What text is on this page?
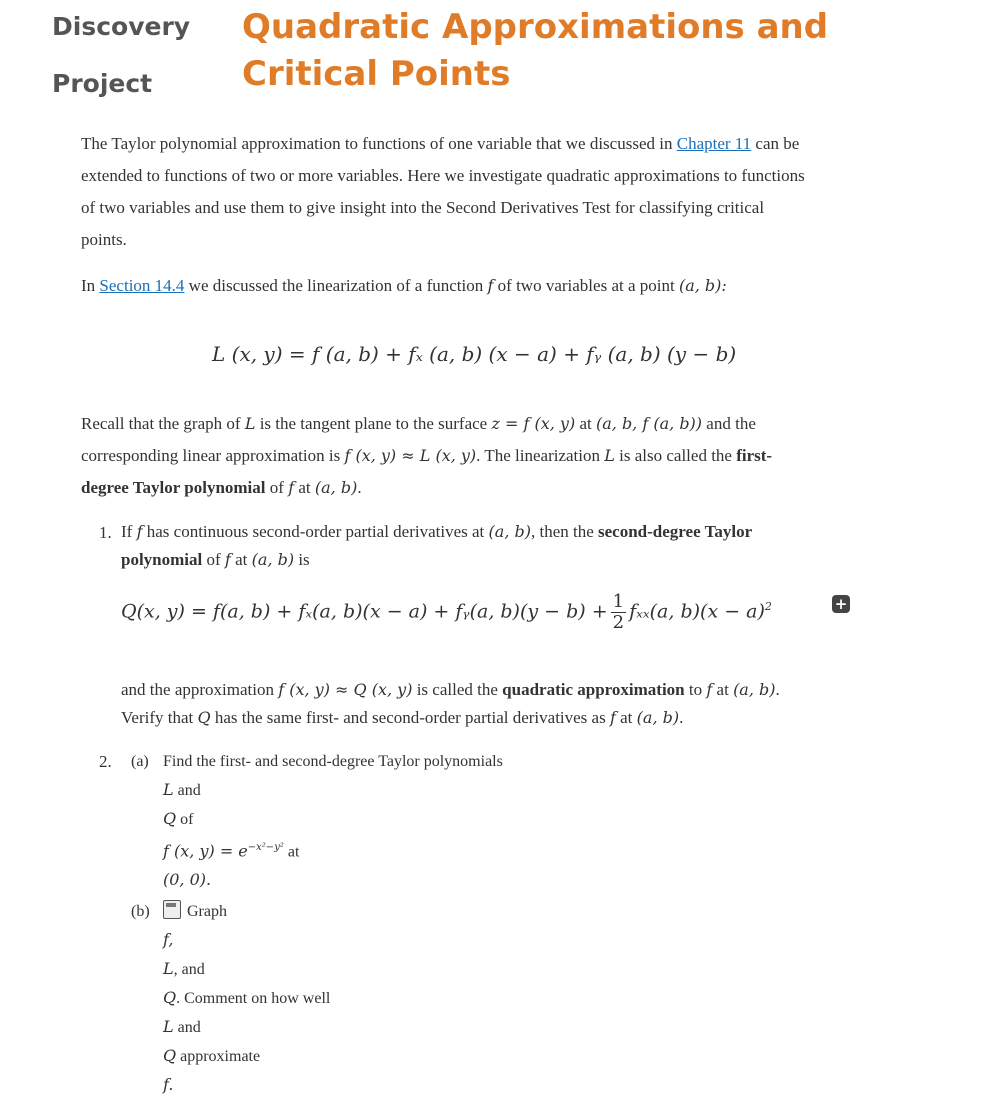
Discovery
Project
Quadratic Approximations and
Critical Points
The Taylor polynomial approximation to functions of one variable that we discussed in Chapter 11 can be
extended to functions of two or more variables. Here we investigate quadratic approximations to functions
of two variables and use them to give insight into the Second Derivatives Test for classifying critical
points.
In Section 14.4 we discussed the linearization of a function f of two variables at a point (a, b):
L (x, y) = f (a, b) + fₓ (a, b) (x − a) + fᵧ (a, b) (y − b)
Recall that the graph of L is the tangent plane to the surface z = f (x, y) at (a, b, f (a, b)) and the
corresponding linear approximation is f (x, y) ≈ L (x, y). The linearization L is also called the first-
degree Taylor polynomial of f at (a, b).
1. If f has continuous second-order partial derivatives at (a, b), then the second-degree Taylor
polynomial of f at (a, b) is
Q(x, y) = f(a, b) + fₓ(a, b)(x − a) + fᵧ(a, $b)(y - b) + \frac{1}{2} f_{xx}(a$, $b)(x - a)^2$	+
and the approximation f (x, y) ≈ Q (x, y) is called the quadratic approximation to f at (a, b).
Verify that Q has the same first- and second-order partial derivatives as f at (a, b).
2. (a) Find the first- and second-degree Taylor polynomials
L and
Q of
f (x, $y) = e^{-x^2-y^2}$ at
(0, 0).
(b)	Graph
f,
L, and
Q. Comment on how well
L and
Q approximate
f.
